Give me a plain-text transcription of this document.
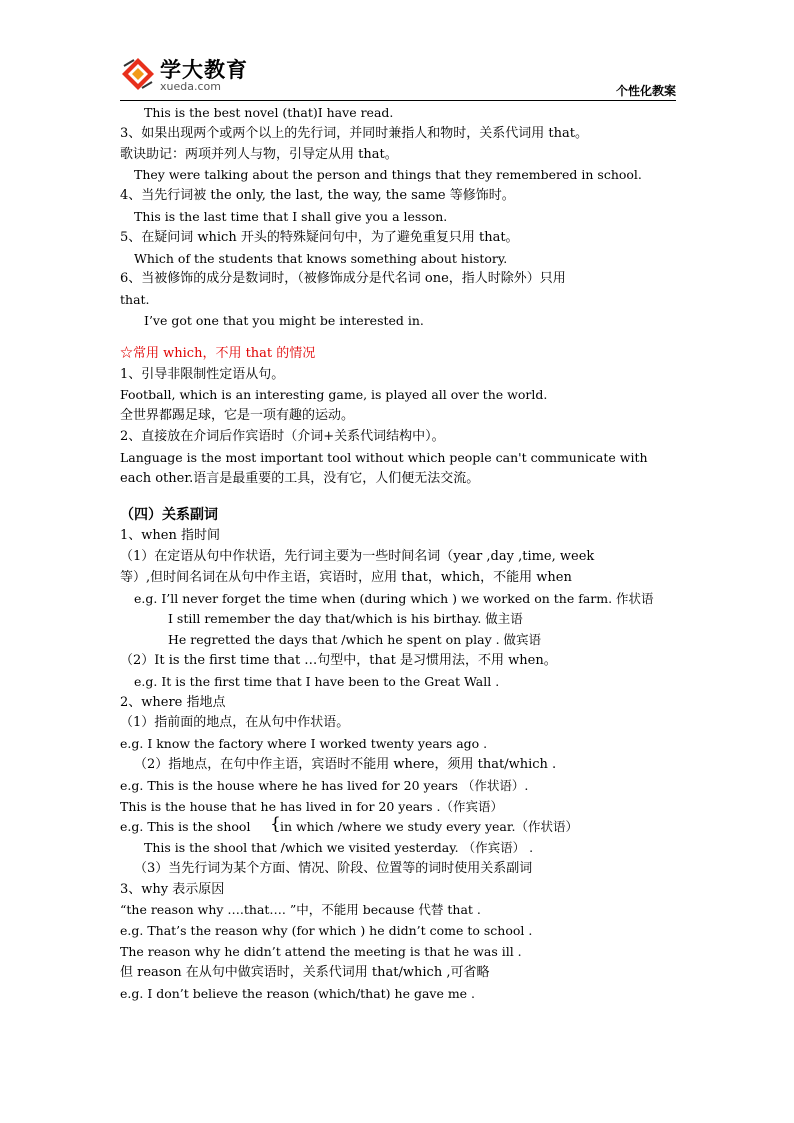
学大教育
xueda.com	个性化教案
This is the best novel (that)I have read.
3、如果出现两个或两个以上的先行词，并同时兼指人和物时，关系代词用 that。
歌诀助记：两项并列人与物，引导定从用 that。
They were talking about the person and things that they remembered in school.
4、当先行词被 the only, the last, the way, the same 等修饰时。
This is the last time that I shall give you a lesson.
5、在疑问词 which 开头的特殊疑问句中，为了避免重复只用 that。
Which of the students that knows something about history.
6、当被修饰的成分是数词时，（被修饰成分是代名词 one，指人时除外）只用
that.
I’ve got one that you might be interested in.
☆常用 which，不用 that 的情况
1、引导非限制性定语从句。
Football, which is an interesting game, is played all over the world.
全世界都踢足球，它是一项有趣的运动。
2、直接放在介词后作宾语时（介词+关系代词结构中）。
Language is the most important tool without which people can't communicate with
each other.语言是最重要的工具，没有它，人们便无法交流。
（四）关系副词
1、when 指时间
（1）在定语从句中作状语，先行词主要为一些时间名词（year ,day ,time, week
等）,但时间名词在从句中作主语，宾语时，应用 that，which，不能用 when
e.g. I’ll never forget the time when (during which ) we worked on the farm. 作状语
I still remember the day that/which is his birthay. 做主语
He regretted the days that /which he spent on play . 做宾语
（2）It is the first time that …句型中，that 是习惯用法，不用 when。
e.g. It is the first time that I have been to the Great Wall .
2、where 指地点
（1）指前面的地点，在从句中作状语。
e.g. I know the factory where I worked twenty years ago .
（2）指地点，在句中作主语，宾语时不能用 where，须用 that/which .
e.g. This is the house where he has lived for 20 years （作状语）.
This is the house that he has lived in for 20 years .（作宾语）
e.g. This is the shool { in which /where we study every year.（作状语）
This is the shool that /which we visited yesterday. （作宾语） .
（3）当先行词为某个方面、情况、阶段、位置等的词时使用关系副词
3、why 表示原因
“the reason why ….that…. ”中，不能用 because 代替 that .
e.g. That’s the reason why (for which ) he didn’t come to school .
The reason why he didn’t attend the meeting is that he was ill .
但 reason 在从句中做宾语时，关系代词用 that/which ,可省略
e.g. I don’t believe the reason (which/that) he gave me .
